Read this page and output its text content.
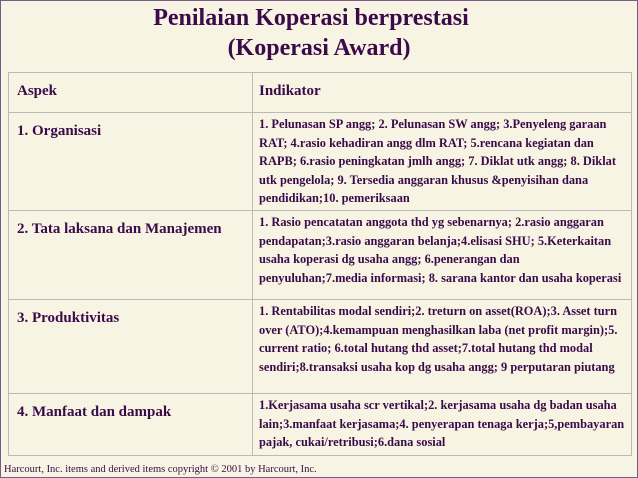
Penilaian Koperasi berprestasi
(Koperasi Award)
Aspek	Indikator
1. Organisasi	1. Pelunasan SP angg; 2. Pelunasan SW angg; 3.Penyeleng garaan RAT; 4.rasio kehadiran angg dlm RAT; 5.rencana kegiatan dan RAPB; 6.rasio peningkatan jmlh angg; 7. Diklat utk angg; 8. Diklat utk pengelola; 9. Tersedia anggaran khusus &penyisihan dana pendidikan;10. pemeriksaan
2. Tata laksana dan Manajemen	1. Rasio pencatatan anggota thd yg sebenarnya; 2.rasio anggaran pendapatan;3.rasio anggaran belanja;4.elisasi SHU; 5.Keterkaitan usaha koperasi dg usaha angg; 6.penerangan dan penyuluhan;7.media informasi; 8. sarana kantor dan usaha koperasi
3. Produktivitas	1. Rentabilitas modal sendiri;2. treturn on asset(ROA);3. Asset turn over (ATO);4.kemampuan menghasilkan laba (net profit margin);5. current ratio; 6.total hutang thd asset;7.total hutang thd modal sendiri;8.transaksi usaha kop dg usaha angg; 9 perputaran piutang
4. Manfaat dan dampak	1.Kerjasama usaha scr vertikal;2. kerjasama usaha dg badan usaha lain;3.manfaat kerjasama;4. penyerapan tenaga kerja;5,pembayaran pajak, cukai/retribusi;6.dana sosial
Harcourt, Inc. items and derived items copyright © 2001 by Harcourt, Inc.
